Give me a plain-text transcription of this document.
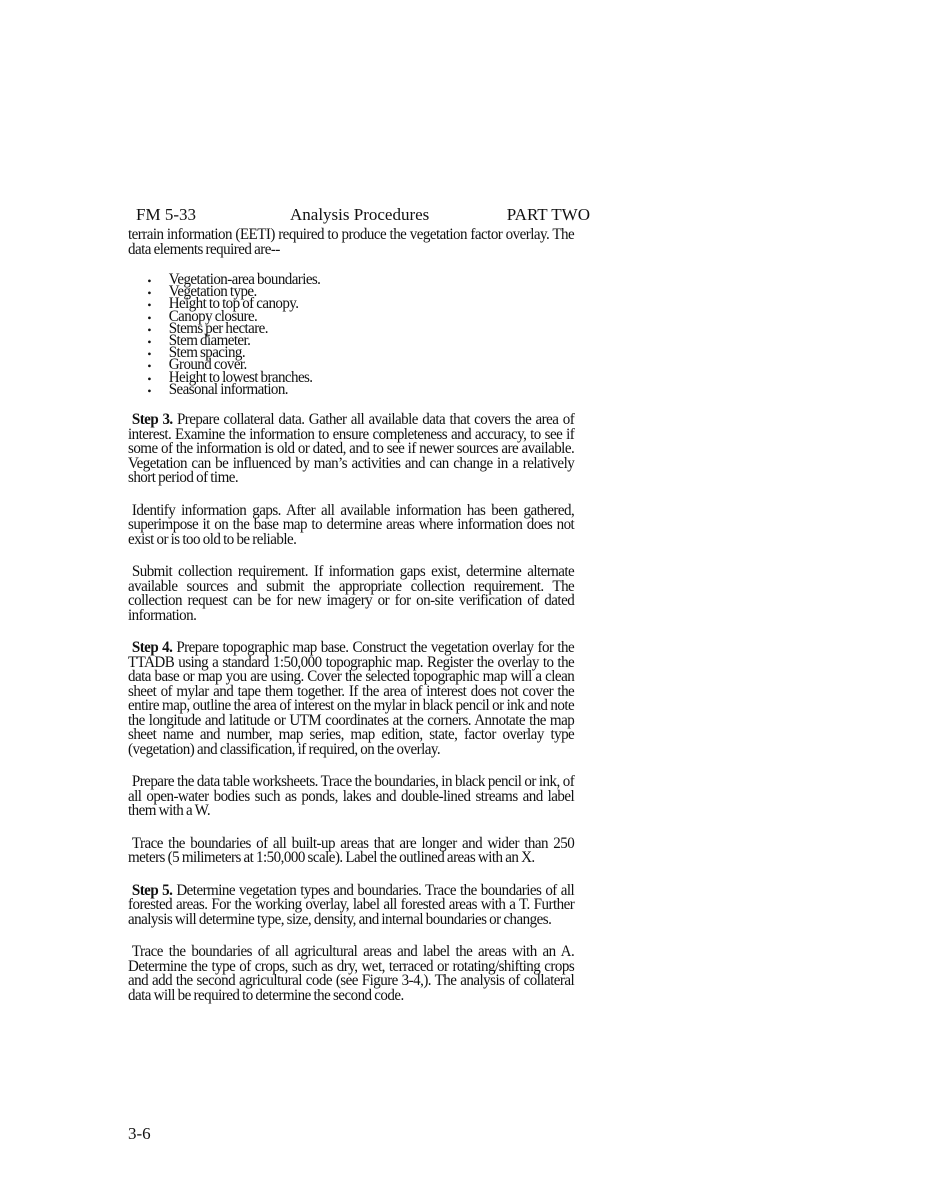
FM 5-33	Analysis Procedures	PART TWO

terrain information (EETI) required to produce the vegetation factor overlay. The data elements required are--

• Vegetation-area boundaries.
• Vegetation type.
• Height to top of canopy.
• Canopy closure.
• Stems per hectare.
• Stem diameter.
• Stem spacing.
• Ground cover.
• Height to lowest branches.
• Seasonal information.

Step 3. Prepare collateral data. Gather all available data that covers the area of interest. Examine the information to ensure completeness and accuracy, to see if some of the information is old or dated, and to see if newer sources are available. Vegetation can be influenced by man’s activities and can change in a relatively short period of time.

Identify information gaps. After all available information has been gathered, superimpose it on the base map to determine areas where information does not exist or is too old to be reliable.

Submit collection requirement. If information gaps exist, determine alternate available sources and submit the appropriate collection requirement. The collection request can be for new imagery or for on-site verification of dated information.

Step 4. Prepare topographic map base. Construct the vegetation overlay for the TTADB using a standard 1:50,000 topographic map. Register the overlay to the data base or map you are using. Cover the selected topographic map will a clean sheet of mylar and tape them together. If the area of interest does not cover the entire map, outline the area of interest on the mylar in black pencil or ink and note the longitude and latitude or UTM coordinates at the corners. Annotate the map sheet name and number, map series, map edition, state, factor overlay type (vegetation) and classification, if required, on the overlay.

Prepare the data table worksheets. Trace the boundaries, in black pencil or ink, of all open-water bodies such as ponds, lakes and double-lined streams and label them with a W.

Trace the boundaries of all built-up areas that are longer and wider than 250 meters (5 milimeters at 1:50,000 scale). Label the outlined areas with an X.

Step 5. Determine vegetation types and boundaries. Trace the boundaries of all forested areas. For the working overlay, label all forested areas with a T. Further analysis will determine type, size, density, and internal boundaries or changes.

Trace the boundaries of all agricultural areas and label the areas with an A. Determine the type of crops, such as dry, wet, terraced or rotating/shifting crops and add the second agricultural code (see Figure 3-4,). The analysis of collateral data will be required to determine the second code.

3-6
